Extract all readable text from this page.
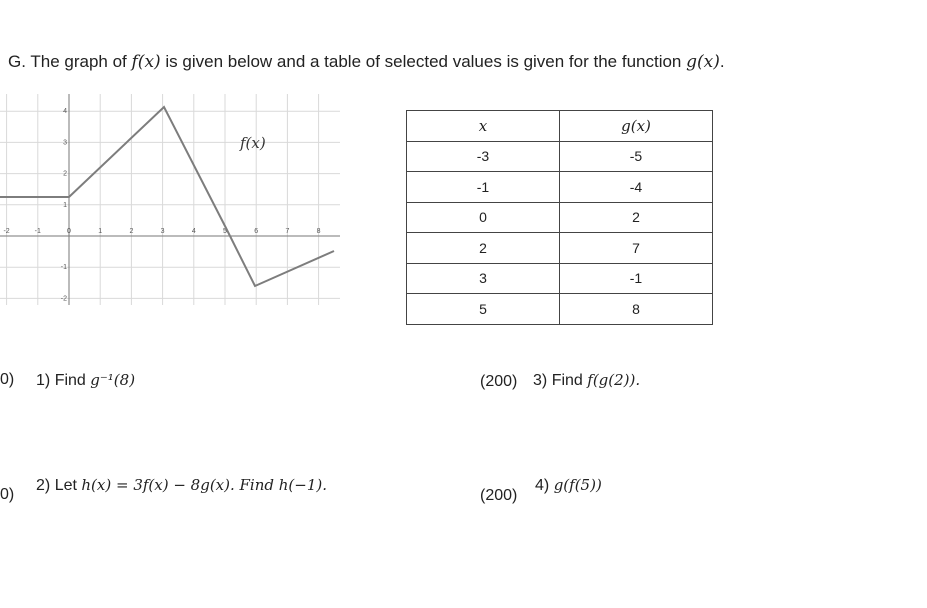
G. The graph of f(x) is given below and a table of selected values is given for the function g(x).
-2	-1	0	1	2	3	4	5	6	7	8
4
3
2
1
-1
-2
f(x)
x	g(x)
-3	-5
-1	-4
0	2
2	7
3	-1
5	8
0) 1) Find g⁻¹(8)
0)
2) Let h(x) = 3f(x) − 8g(x). Find h(−1).
(200) 3) Find f(g(2)).
(200)
4) g(f(5))
